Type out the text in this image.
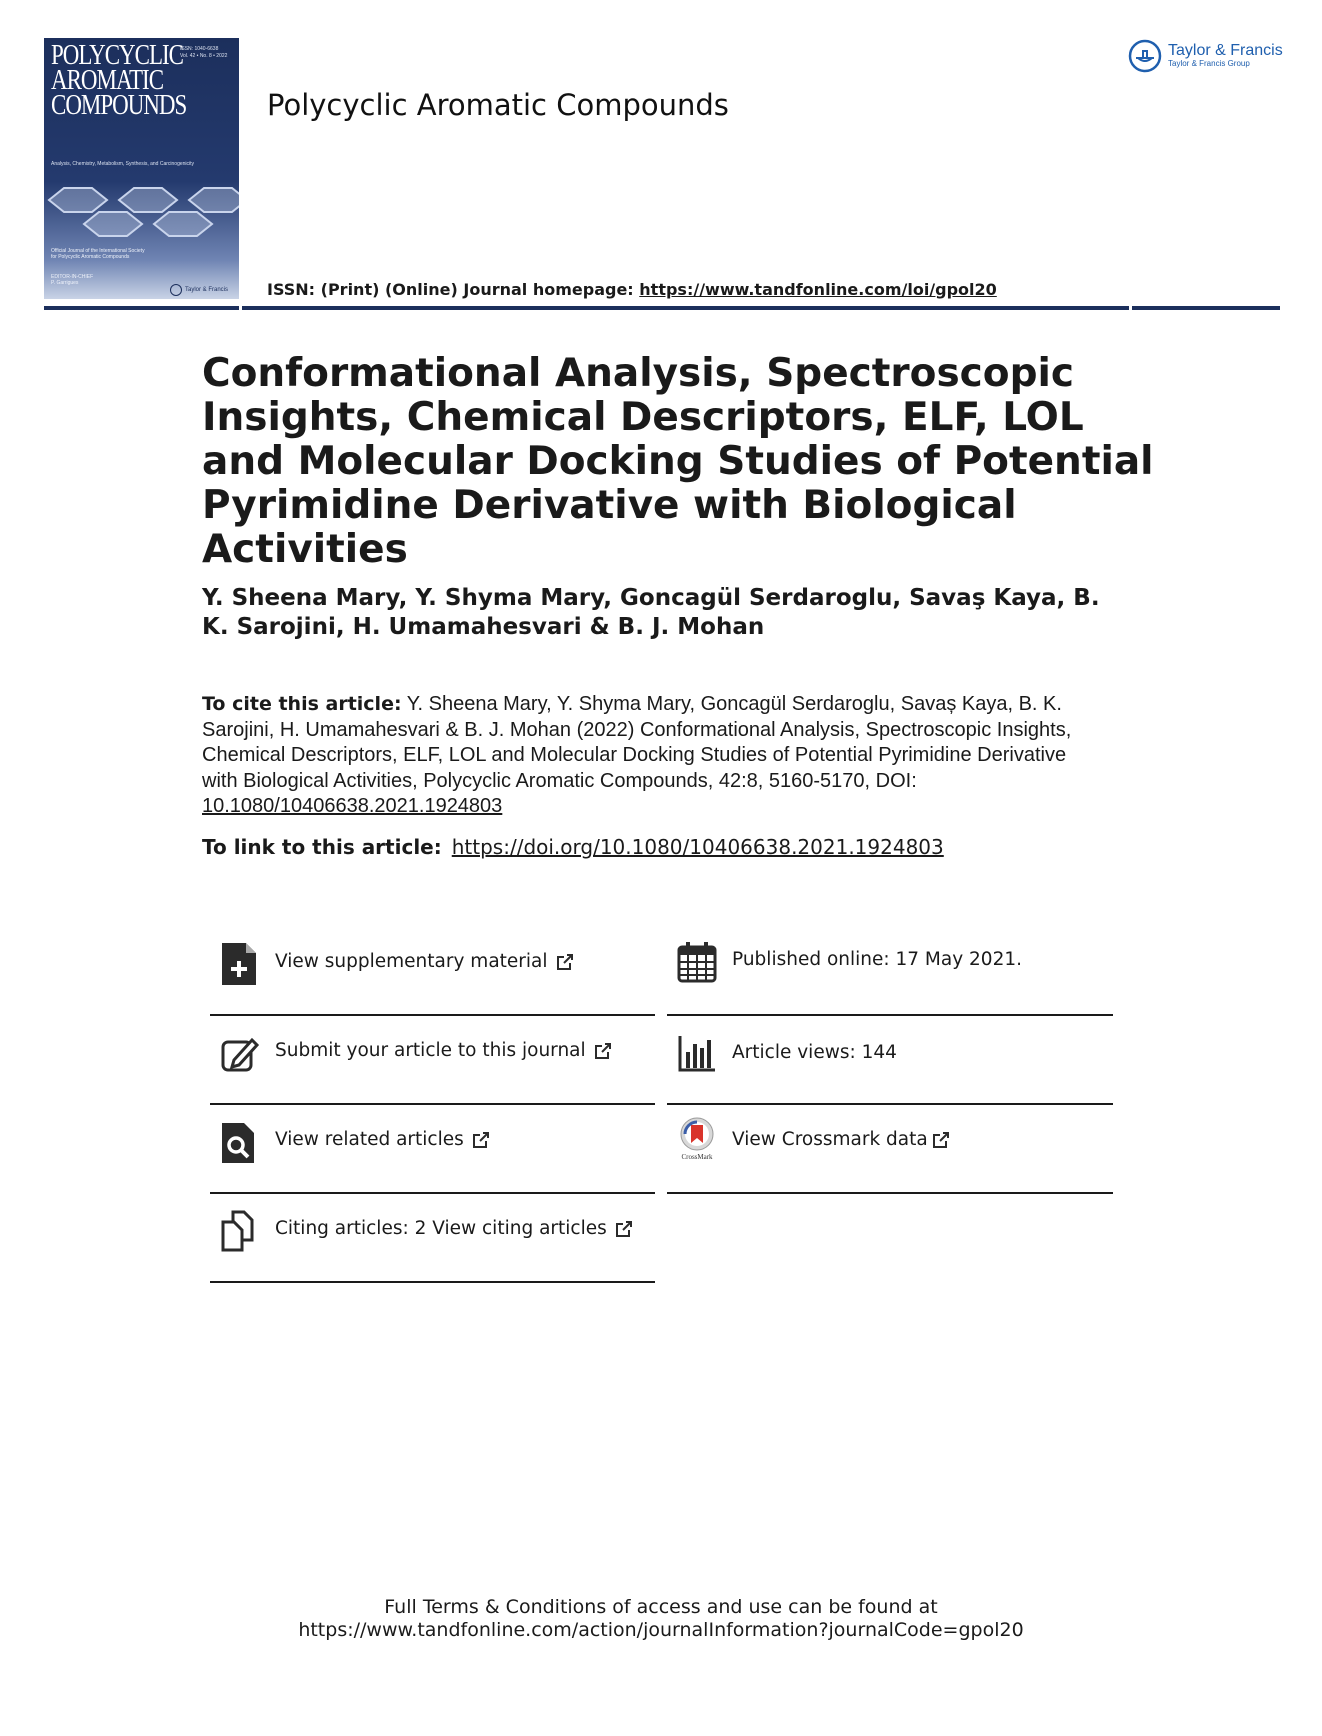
POLYCYCLIC
AROMATIC
COMPOUNDS
ISSN: 1040-6638
Vol. 42 • No. 8 • 2022
Analysis, Chemistry, Metabolism, Synthesis, and Carcinogenicity
Official Journal of the International Society for Polycyclic Aromatic Compounds
EDITOR-IN-CHIEF
P. Garrigues
Taylor & Francis
Polycyclic Aromatic Compounds
ISSN: (Print) (Online) Journal homepage: https://www.tandfonline.com/loi/gpol20
Taylor & Francis
Taylor & Francis Group
Conformational Analysis, Spectroscopic Insights, Chemical Descriptors, ELF, LOL and Molecular Docking Studies of Potential Pyrimidine Derivative with Biological Activities

Y. Sheena Mary, Y. Shyma Mary, Goncagül Serdaroglu, Savaş Kaya, B. K. Sarojini, H. Umamahesvari & B. J. Mohan

To cite this article: Y. Sheena Mary, Y. Shyma Mary, Goncagül Serdaroglu, Savaș Kaya, B. K. Sarojini, H. Umamahesvari & B. J. Mohan (2022) Conformational Analysis, Spectroscopic Insights, Chemical Descriptors, ELF, LOL and Molecular Docking Studies of Potential Pyrimidine Derivative with Biological Activities, Polycyclic Aromatic Compounds, 42:8, 5160-5170, DOI: 10.1080/10406638.2021.1924803
To link to this article: https://doi.org/10.1080/10406638.2021.1924803
View supplementary material
Submit your article to this journal
View related articles
Citing articles: 2 View citing articles
Published online: 17 May 2021.
Article views: 144
CrossMark
View Crossmark data
Full Terms & Conditions of access and use can be found at
https://www.tandfonline.com/action/journalInformation?journalCode=gpol20
